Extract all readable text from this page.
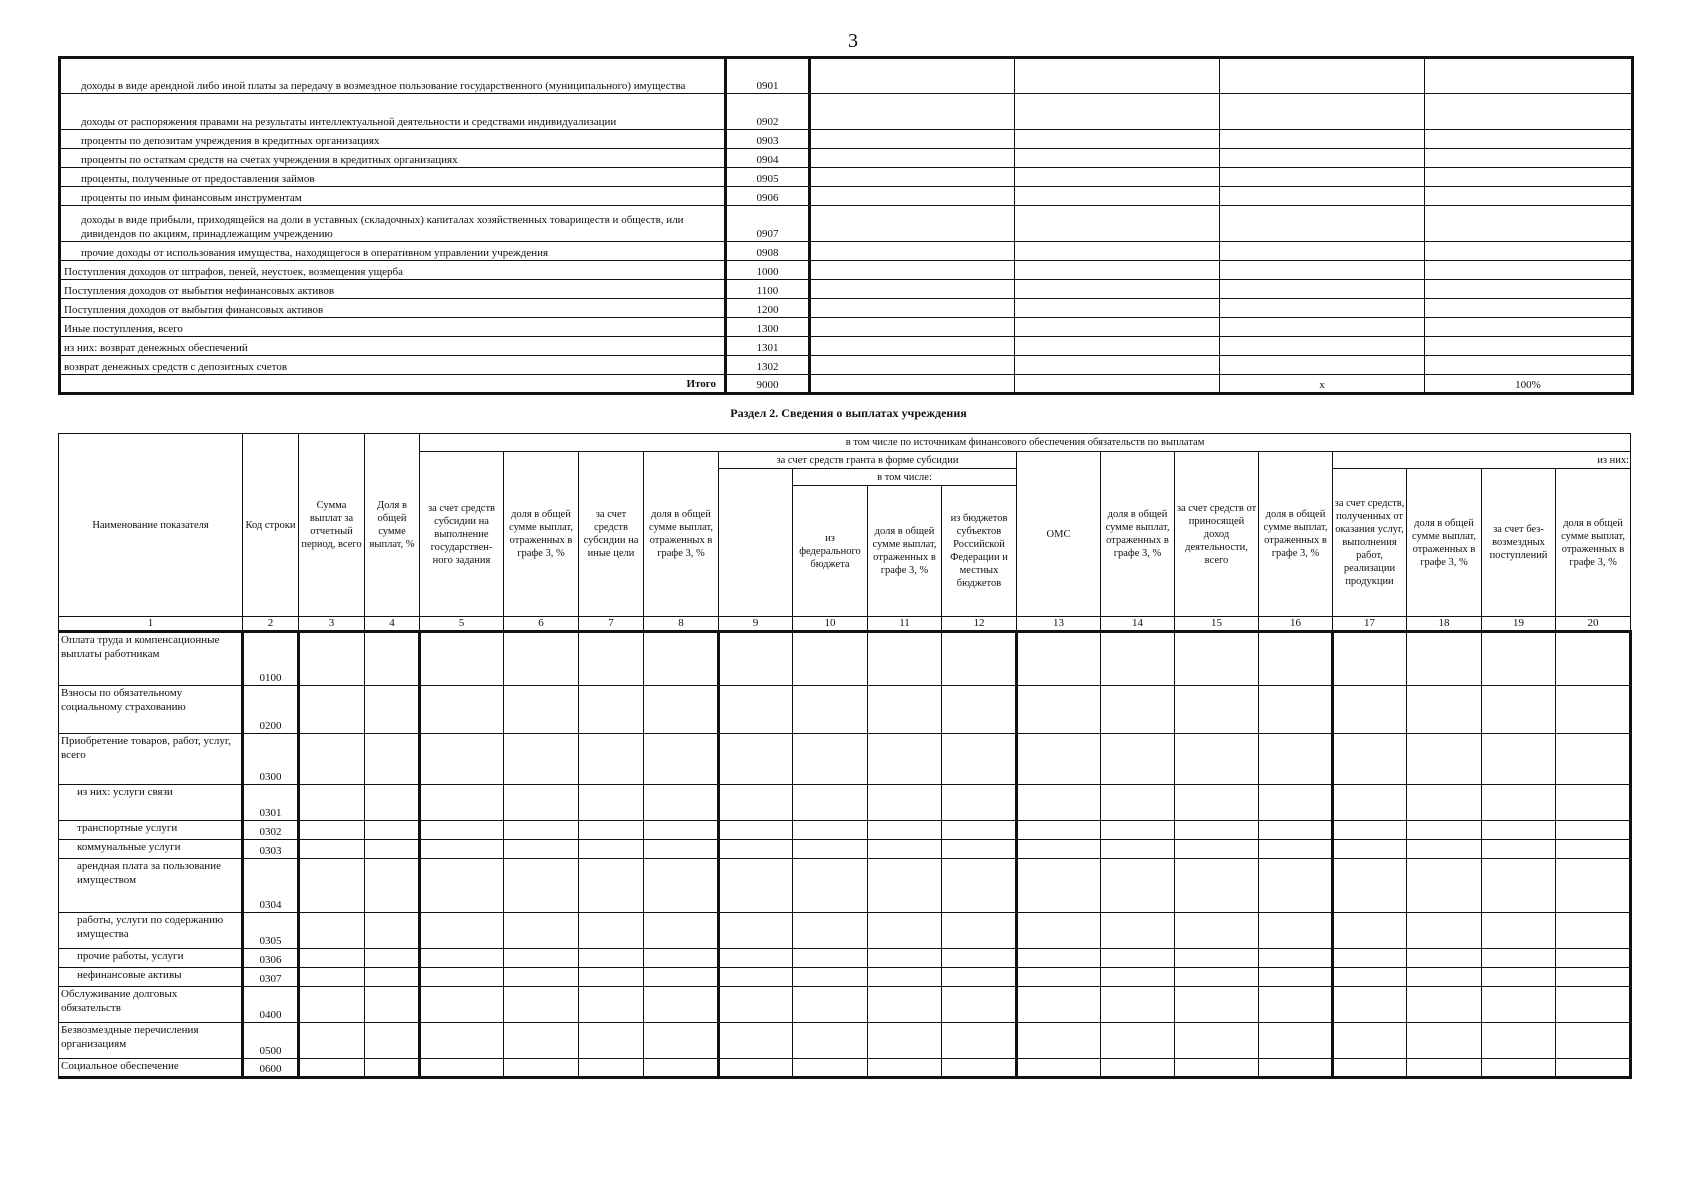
3
доходы в виде арендной либо иной платы за передачу в возмездное пользование государственного (муниципального) имущества	0901				
доходы от распоряжения правами на результаты интеллектуальной деятельности и средствами индивидуализации	0902				
проценты по депозитам учреждения в кредитных организациях	0903				
проценты по остаткам средств на счетах учреждения в кредитных организациях	0904				
проценты, полученные от предоставления займов	0905				
проценты по иным финансовым инструментам	0906				
доходы в виде прибыли, приходящейся на доли в уставных (складочных) капиталах хозяйственных товариществ и обществ, или дивидендов по акциям, принадлежащим учреждению	0907				
прочие доходы от использования имущества, находящегося в оперативном управлении учреждения	0908				
Поступления доходов от штрафов, пеней, неустоек, возмещения ущерба	1000				
Поступления доходов от выбытия нефинансовых активов	1100				
Поступления доходов от выбытия финансовых активов	1200				
Иные поступления, всего	1300				
из них: возврат денежных обеспечений	1301				
возврат денежных средств с депозитных счетов	1302				
Итого	9000			x	100%
Раздел 2. Сведения о выплатах учреждения
Наименование показателя	Код строки	Сумма выплат за отчетный период, всего	Доля в общей сумме выплат, %	в том числе по источникам финансового обеспечения обязательств по выплатам															
				за счет средств субсидии на выполнение государствен-ного задания	доля в общей сумме выплат, отраженных в графе 3, %	за счет средств субсидии на иные цели	доля в общей сумме выплат, отраженных в графе 3, %	за счет средств гранта в форме субсидии				ОМС	доля в общей сумме выплат, отраженных в графе 3, %	за счет средств от приносящей доход деятельности, всего	доля в общей сумме выплат, отраженных в графе 3, %	из них:			
									в том числе:							за счет средств, полученных от оказания услуг, выполнения работ, реализации продукции	доля в общей сумме выплат, отраженных в графе 3, %	за счет без-возмездных поступлений	доля в общей сумме выплат, отраженных в графе 3, %
									из федерального бюджета	доля в общей сумме выплат, отраженных в графе 3, %	из бюджетов субъектов Российской Федерации и местных бюджетов								
1	2	3	4	5	6	7	8	9	10	11	12	13	14	15	16	17	18	19	20
Оплата труда и компенсационные выплаты работникам	0100																		
Взносы по обязательному социальному страхованию	0200																		
Приобретение товаров, работ, услуг, всего	0300																		
из них: услуги связи	0301																		
транспортные услуги	0302																		
коммунальные услуги	0303																		
арендная плата за пользование имуществом	0304																		
работы, услуги по содержанию имущества	0305																		
прочие работы, услуги	0306																		
нефинансовые активы	0307																		
Обслуживание долговых обязательств	0400																		
Безвозмездные перечисления организациям	0500																		
Социальное обеспечение	0600																		
